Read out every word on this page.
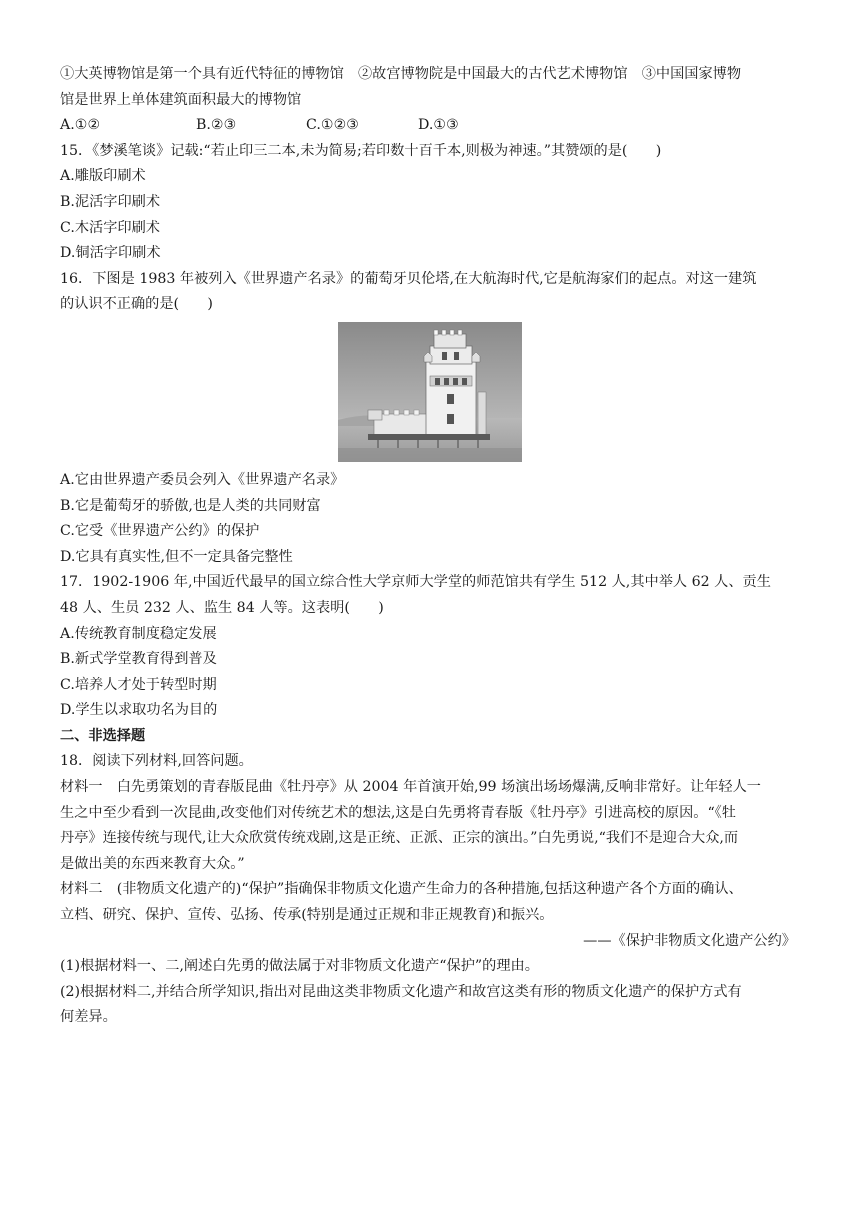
①大英博物馆是第一个具有近代特征的博物馆　②故宫博物院是中国最大的古代艺术博物馆　③中国国家博物
馆是世界上单体建筑面积最大的博物馆
A.①②	B.②③	C.①②③	D.①③
15．《梦溪笔谈》记载:“若止印三二本,未为简易;若印数十百千本,则极为神速。”其赞颂的是(　　)
A.雕版印刷术
B.泥活字印刷术
C.木活字印刷术
D.铜活字印刷术
16．下图是 1983 年被列入《世界遗产名录》的葡萄牙贝伦塔,在大航海时代,它是航海家们的起点。对这一建筑
的认识不正确的是(　　)
A.它由世界遗产委员会列入《世界遗产名录》
B.它是葡萄牙的骄傲,也是人类的共同财富
C.它受《世界遗产公约》的保护
D.它具有真实性,但不一定具备完整性
17．1902-1906 年,中国近代最早的国立综合性大学京师大学堂的师范馆共有学生 512 人,其中举人 62 人、贡生
48 人、生员 232 人、监生 84 人等。这表明(　　)
A.传统教育制度稳定发展
B.新式学堂教育得到普及
C.培养人才处于转型时期
D.学生以求取功名为目的
二、非选择题
18．阅读下列材料,回答问题。
材料一　白先勇策划的青春版昆曲《牡丹亭》从 2004 年首演开始,99 场演出场场爆满,反响非常好。让年轻人一
生之中至少看到一次昆曲,改变他们对传统艺术的想法,这是白先勇将青春版《牡丹亭》引进高校的原因。“《牡
丹亭》连接传统与现代,让大众欣赏传统戏剧,这是正统、正派、正宗的演出。”白先勇说,“我们不是迎合大众,而
是做出美的东西来教育大众。”
材料二　(非物质文化遗产的)“保护”指确保非物质文化遗产生命力的各种措施,包括这种遗产各个方面的确认、
立档、研究、保护、宣传、弘扬、传承(特别是通过正规和非正规教育)和振兴。
——《保护非物质文化遗产公约》
(1)根据材料一、二,阐述白先勇的做法属于对非物质文化遗产“保护”的理由。
(2)根据材料二,并结合所学知识,指出对昆曲这类非物质文化遗产和故宫这类有形的物质文化遗产的保护方式有
何差异。
